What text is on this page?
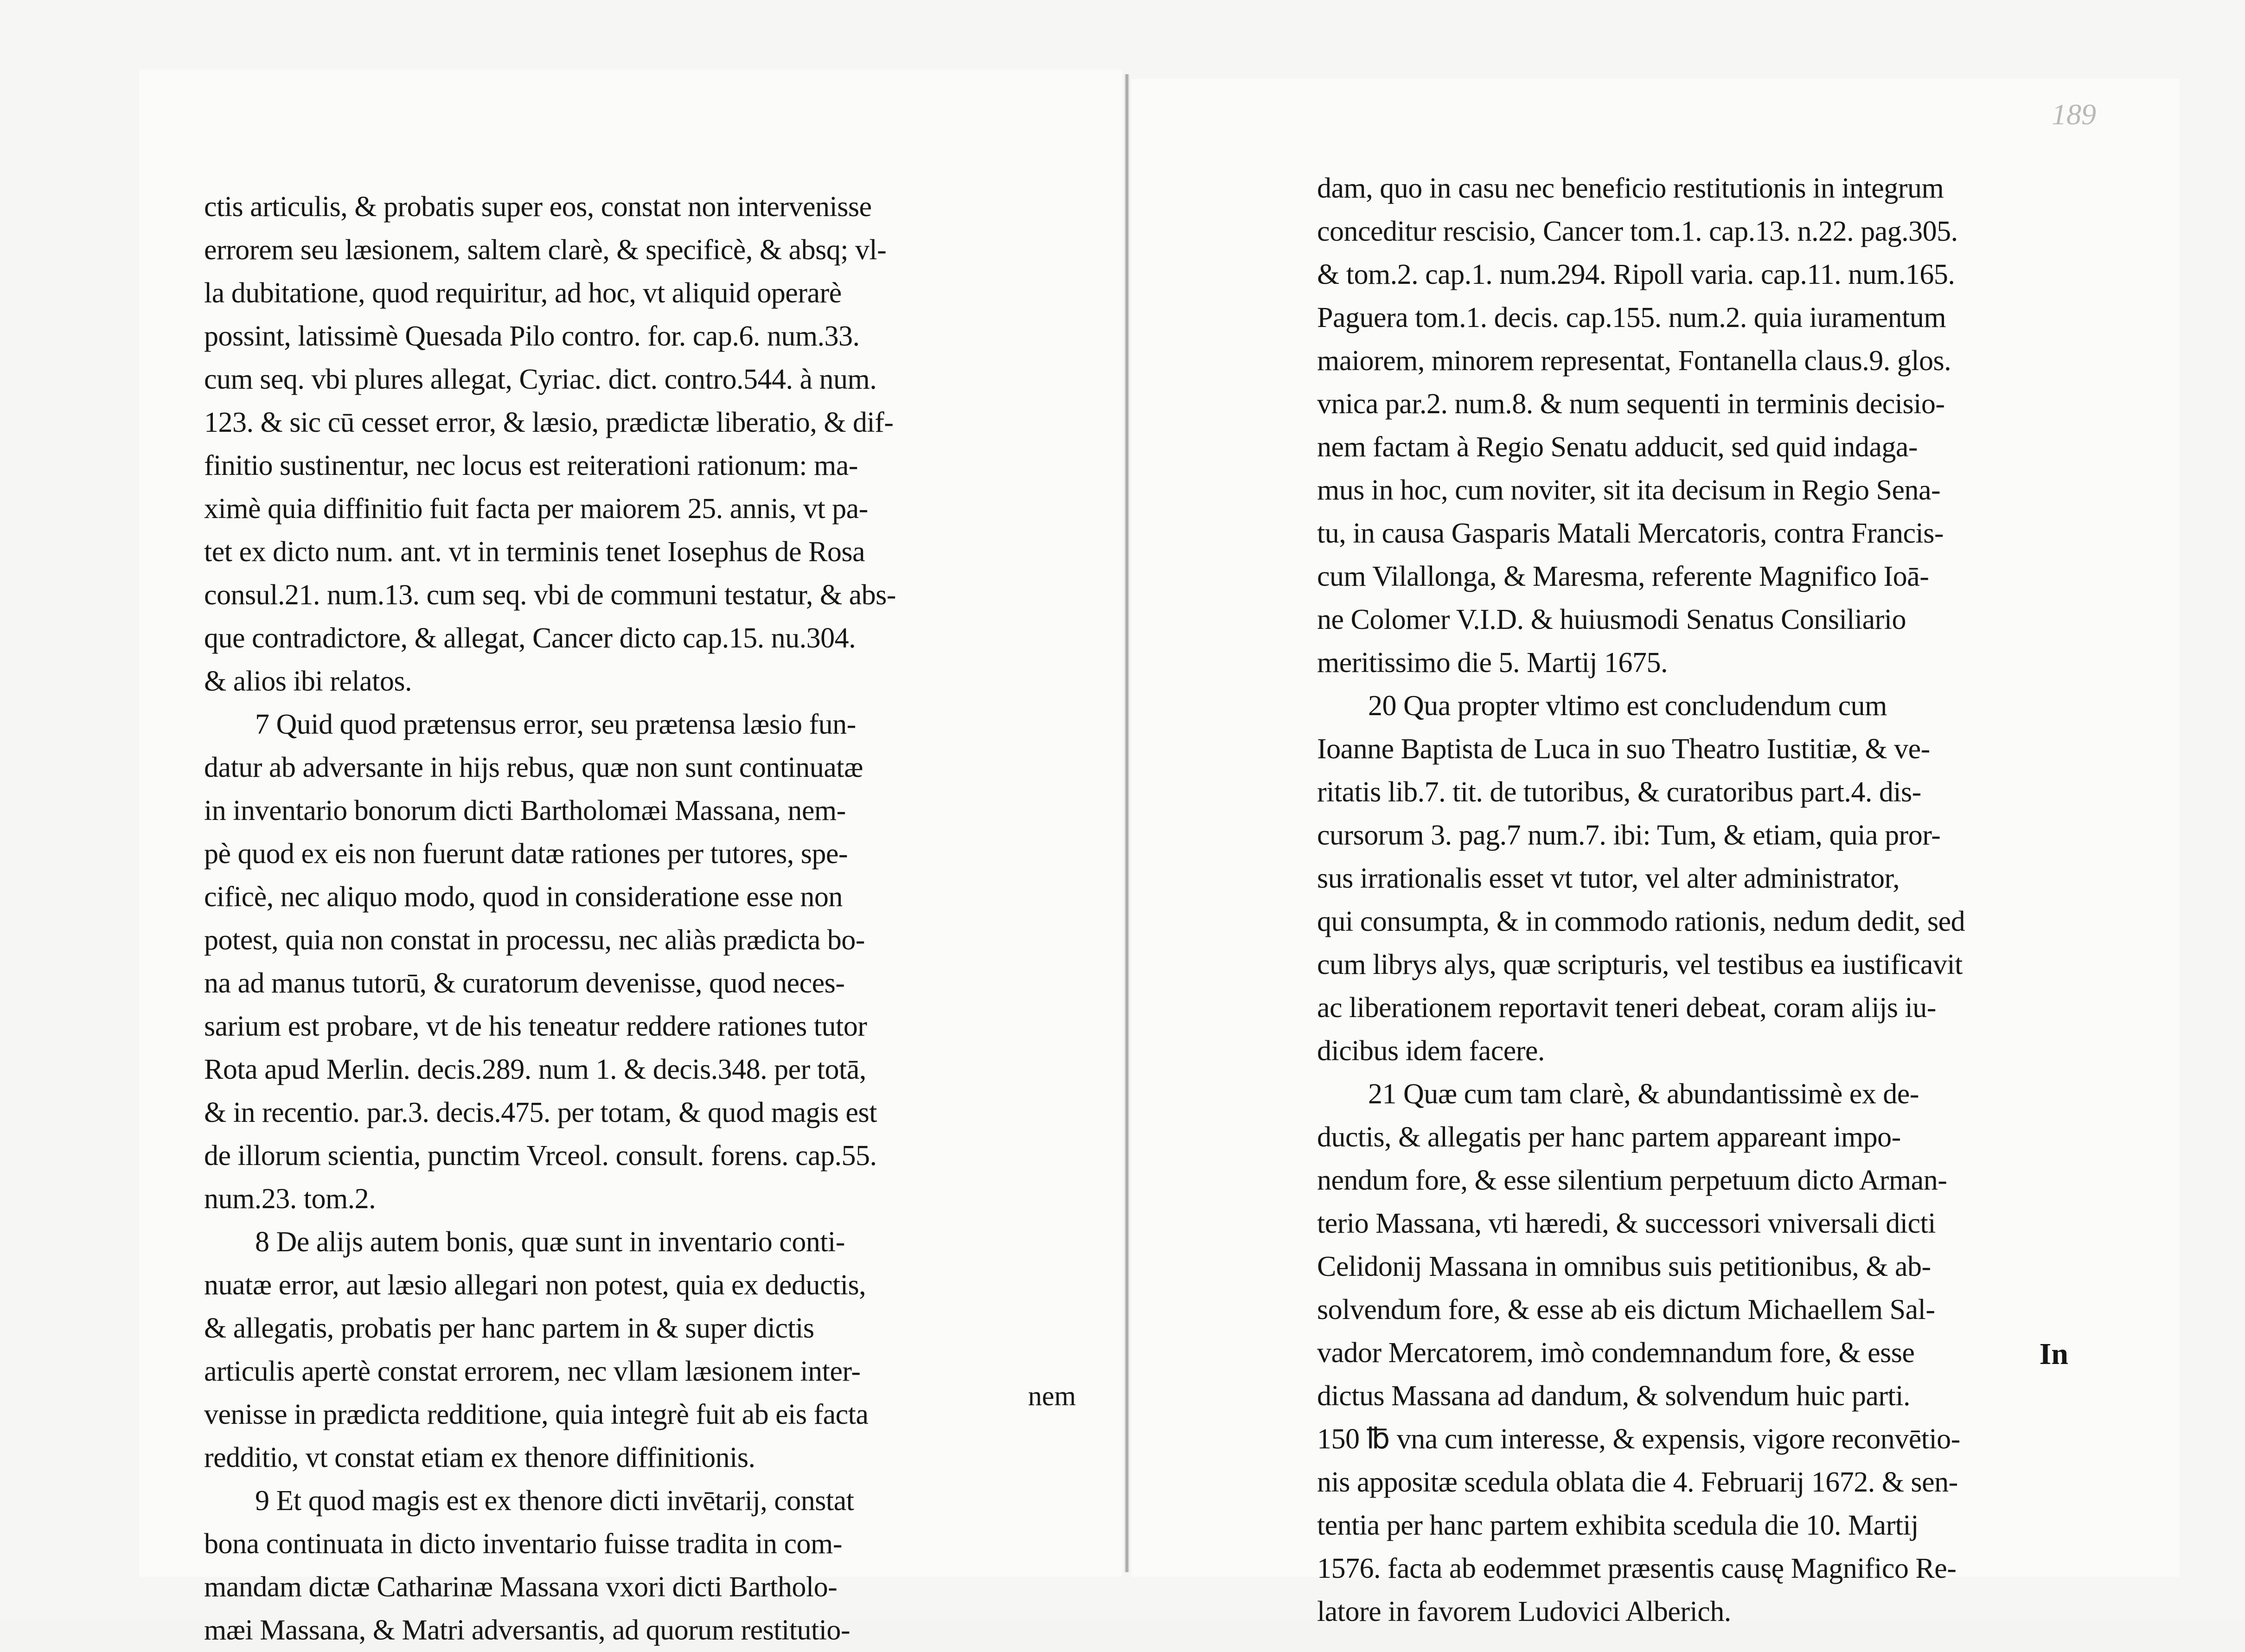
ctis articulis, & probatis super eos, constat non intervenisse
errorem seu læsionem, saltem clarè, & specificè, & absq; vl-
la dubitatione, quod requiritur, ad hoc, vt aliquid operarè
possint, latissimè Quesada Pilo contro. for. cap.6. num.33.
cum seq. vbi plures allegat, Cyriac. dict. contro.544. à num.
123. & sic cū cesset error, & læsio, prædictæ liberatio, & dif-
finitio sustinentur, nec locus est reiterationi rationum: ma-
ximè quia diffinitio fuit facta per maiorem 25. annis, vt pa-
tet ex dicto num. ant. vt in terminis tenet Iosephus de Rosa
consul.21. num.13. cum seq. vbi de communi testatur, & abs-
que contradictore, & allegat, Cancer dicto cap.15. nu.304.
& alios ibi relatos.
7 Quid quod prætensus error, seu prætensa læsio fun-
datur ab adversante in hijs rebus, quæ non sunt continuatæ
in inventario bonorum dicti Bartholomæi Massana, nem-
pè quod ex eis non fuerunt datæ rationes per tutores, spe-
cificè, nec aliquo modo, quod in consideratione esse non
potest, quia non constat in processu, nec aliàs prædicta bo-
na ad manus tutorū, & curatorum devenisse, quod neces-
sarium est probare, vt de his teneatur reddere rationes tutor
Rota apud Merlin. decis.289. num 1. & decis.348. per totā,
& in recentio. par.3. decis.475. per totam, & quod magis est
de illorum scientia, punctim Vrceol. consult. forens. cap.55.
num.23. tom.2.
8 De alijs autem bonis, quæ sunt in inventario conti-
nuatæ error, aut læsio allegari non potest, quia ex deductis,
& allegatis, probatis per hanc partem in & super dictis
articulis apertè constat errorem, nec vllam læsionem inter-
venisse in prædicta redditione, quia integrè fuit ab eis facta
redditio, vt constat etiam ex thenore diffinitionis.
9 Et quod magis est ex thenore dicti invētarij, constat
bona continuata in dicto inventario fuisse tradita in com-
mandam dictæ Catharinæ Massana vxori dicti Bartholo-
mæi Massana, & Matri adversantis, ad quorum restitutio-
nem
189
dam, quo in casu nec beneficio restitutionis in integrum
conceditur rescisio, Cancer tom.1. cap.13. n.22. pag.305.
& tom.2. cap.1. num.294. Ripoll varia. cap.11. num.165.
Paguera tom.1. decis. cap.155. num.2. quia iuramentum
maiorem, minorem representat, Fontanella claus.9. glos.
vnica par.2. num.8. & num sequenti in terminis decisio-
nem factam à Regio Senatu adducit, sed quid indaga-
mus in hoc, cum noviter, sit ita decisum in Regio Sena-
tu, in causa Gasparis Matali Mercatoris, contra Francis-
cum Vilallonga, & Maresma, referente Magnifico Ioā-
ne Colomer V.I.D. & huiusmodi Senatus Consiliario
meritissimo die 5. Martij 1675.
20 Qua propter vltimo est concludendum cum
Ioanne Baptista de Luca in suo Theatro Iustitiæ, & ve-
ritatis lib.7. tit. de tutoribus, & curatoribus part.4. dis-
cursorum 3. pag.7 num.7. ibi: Tum, & etiam, quia pror-
sus irrationalis esset vt tutor, vel alter administrator,
qui consumpta, & in commodo rationis, nedum dedit, sed
cum librys alys, quæ scripturis, vel testibus ea iustificavit
ac liberationem reportavit teneri debeat, coram alijs iu-
dicibus idem facere.
21 Quæ cum tam clarè, & abundantissimè ex de-
ductis, & allegatis per hanc partem appareant impo-
nendum fore, & esse silentium perpetuum dicto Arman-
terio Massana, vti hæredi, & successori vniversali dicti
Celidonij Massana in omnibus suis petitionibus, & ab-
solvendum fore, & esse ab eis dictum Michaellem Sal-
vador Mercatorem, imò condemnandum fore, & esse
dictus Massana ad dandum, & solvendum huic parti.
150 ℔ vna cum interesse, & expensis, vigore reconvētio-
nis appositæ scedula oblata die 4. Februarij 1672. & sen-
tentia per hanc partem exhibita scedula die 10. Martij
1576. facta ab eodemmet præsentis causę Magnifico Re-
latore in favorem Ludovici Alberich.
In
